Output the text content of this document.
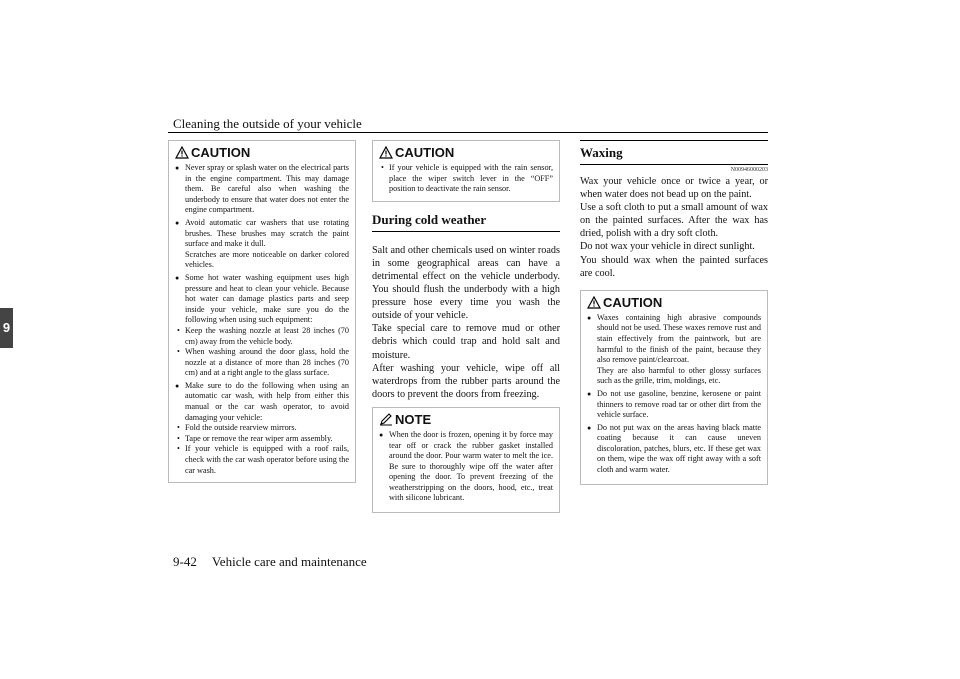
Cleaning the outside of your vehicle
9
CAUTION

● Never spray or splash water on the electrical parts in the engine compartment. This may damage them. Be careful also when washing the underbody to ensure that water does not enter the engine compartment.

● Avoid automatic car washers that use rotating brushes. These brushes may scratch the paint surface and make it dull.
Scratches are more noticeable on darker colored vehicles.

● Some hot water washing equipment uses high pressure and heat to clean your vehicle. Because hot water can damage plastics parts and seep inside your vehicle, make sure you do the following when using such equipment:

• Keep the washing nozzle at least 28 inches (70 cm) away from the vehicle body.

• When washing around the door glass, hold the nozzle at a distance of more than 28 inches (70 cm) and at a right angle to the glass surface.

● Make sure to do the following when using an automatic car wash, with help from either this manual or the car wash operator, to avoid damaging your vehicle:

• Fold the outside rearview mirrors.

• Tape or remove the rear wiper arm assembly.

• If your vehicle is equipped with a roof rails, check with the car wash operator before using the car wash.

CAUTION

• If your vehicle is equipped with the rain sensor, place the wiper switch lever in the “OFF” position to deactivate the rain sensor.

During cold weather

Salt and other chemicals used on winter roads in some geographical areas can have a detrimental effect on the vehicle underbody. You should flush the underbody with a high pressure hose every time you wash the outside of your vehicle.

Take special care to remove mud or other debris which could trap and hold salt and moisture.

After washing your vehicle, wipe off all waterdrops from the rubber parts around the doors to prevent the doors from freezing.

NOTE

● When the door is frozen, opening it by force may tear off or crack the rubber gasket installed around the door. Pour warm water to melt the ice. Be sure to thoroughly wipe off the water after opening the door. To prevent freezing of the weatherstripping on the doors, hood, etc., treat with silicone lubricant.

Waxing
N00946000203

Wax your vehicle once or twice a year, or when water does not bead up on the paint.

Use a soft cloth to put a small amount of wax on the painted surfaces. After the wax has dried, polish with a dry soft cloth.

Do not wax your vehicle in direct sunlight.

You should wax when the painted surfaces are cool.

CAUTION

● Waxes containing high abrasive compounds should not be used. These waxes remove rust and stain effectively from the paintwork, but are harmful to the finish of the paint, because they also remove paint/clearcoat.
They are also harmful to other glossy surfaces such as the grille, trim, moldings, etc.

● Do not use gasoline, benzine, kerosene or paint thinners to remove road tar or other dirt from the vehicle surface.

● Do not put wax on the areas having black matte coating because it can cause uneven discoloration, patches, blurs, etc. If these get wax on them, wipe the wax off right away with a soft cloth and warm water.

9-42 Vehicle care and maintenance
